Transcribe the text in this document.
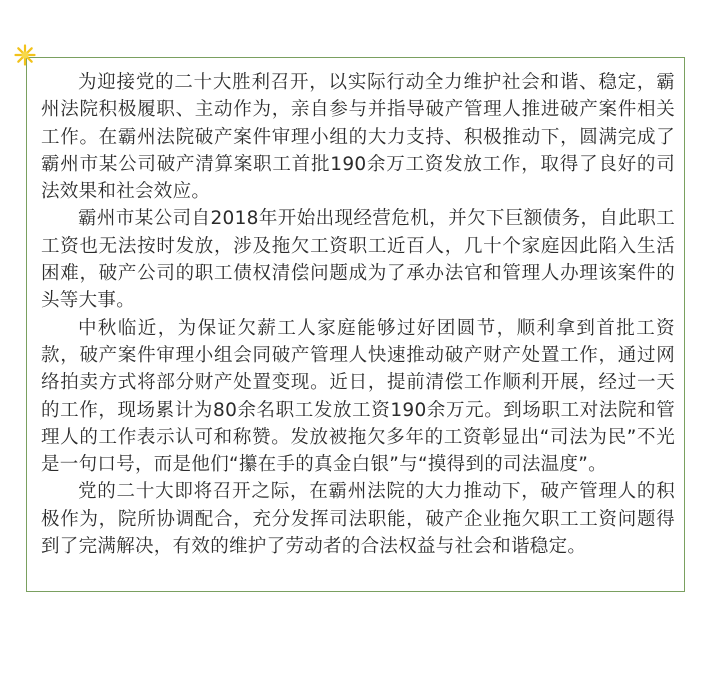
为迎接党的二十大胜利召开，以实际行动全力维护社会和谐、稳定，霸州法院积极履职、主动作为，亲自参与并指导破产管理人推进破产案件相关工作。在霸州法院破产案件审理小组的大力支持、积极推动下，圆满完成了霸州市某公司破产清算案职工首批190余万工资发放工作，取得了良好的司法效果和社会效应。

霸州市某公司自2018年开始出现经营危机，并欠下巨额债务，自此职工工资也无法按时发放，涉及拖欠工资职工近百人，几十个家庭因此陷入生活困难，破产公司的职工债权清偿问题成为了承办法官和管理人办理该案件的头等大事。

中秋临近，为保证欠薪工人家庭能够过好团圆节，顺利拿到首批工资款，破产案件审理小组会同破产管理人快速推动破产财产处置工作，通过网络拍卖方式将部分财产处置变现。近日，提前清偿工作顺利开展，经过一天的工作，现场累计为80余名职工发放工资190余万元。到场职工对法院和管理人的工作表示认可和称赞。发放被拖欠多年的工资彰显出“司法为民”不光是一句口号，而是他们“攥在手的真金白银”与“摸得到的司法温度”。

党的二十大即将召开之际，在霸州法院的大力推动下，破产管理人的积极作为，院所协调配合，充分发挥司法职能，破产企业拖欠职工工资问题得到了完满解决，有效的维护了劳动者的合法权益与社会和谐稳定。
